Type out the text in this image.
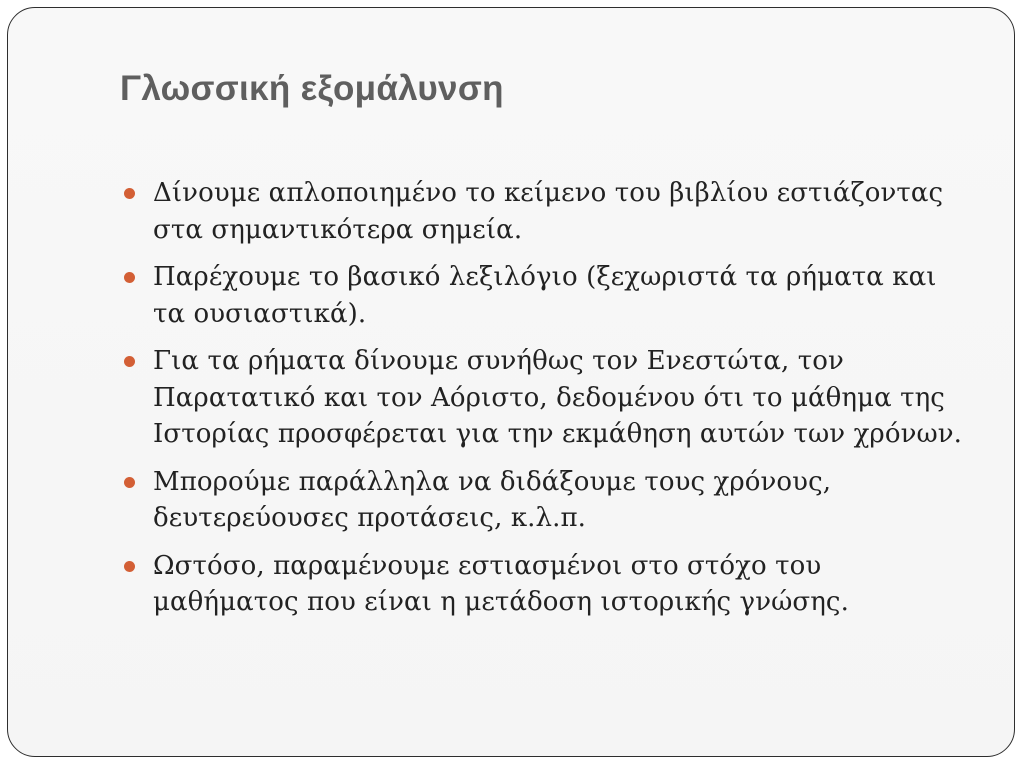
Γλωσσική εξομάλυνση
Δίνουμε απλοποιημένο το κείμενο του βιβλίου εστιάζοντας στα σημαντικότερα σημεία.
Παρέχουμε το βασικό λεξιλόγιο (ξεχωριστά τα ρήματα και τα ουσιαστικά).
Για τα ρήματα δίνουμε συνήθως τον Ενεστώτα, τον Παρατατικό και τον Αόριστο, δεδομένου ότι το μάθημα της Ιστορίας προσφέρεται για την εκμάθηση αυτών των χρόνων.
Μπορούμε παράλληλα να διδάξουμε τους χρόνους, δευτερεύουσες προτάσεις, κ.λ.π.
Ωστόσο, παραμένουμε εστιασμένοι στο στόχο του μαθήματος που είναι η μετάδοση ιστορικής γνώσης.
